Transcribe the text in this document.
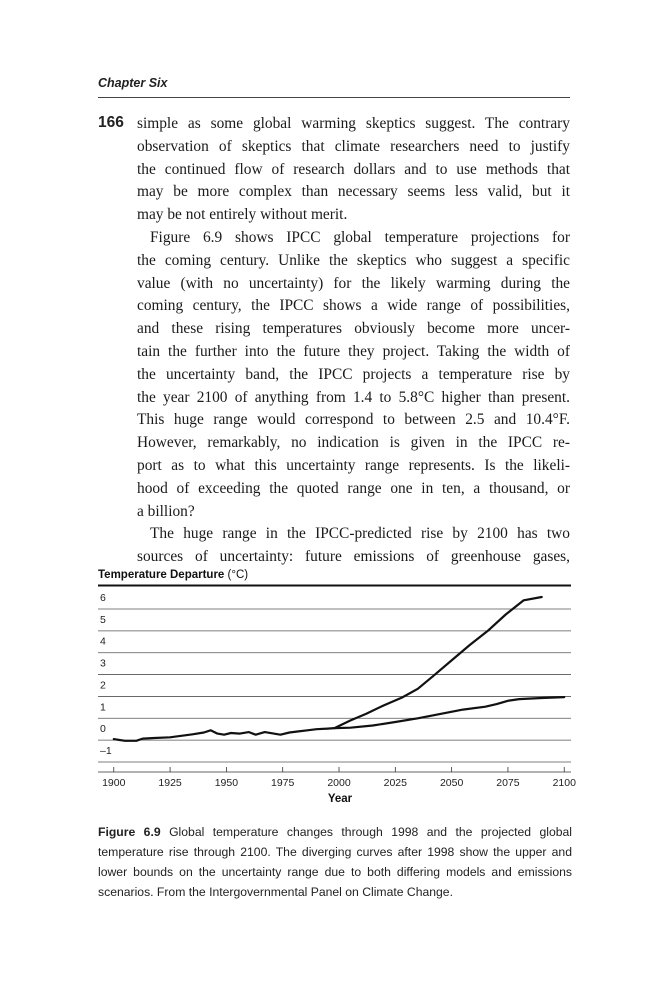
Chapter Six
166 simple as some global warming skeptics suggest. The contrary
observation of skeptics that climate researchers need to justify
the continued flow of research dollars and to use methods that
may be more complex than necessary seems less valid, but it
may be not entirely without merit.
Figure 6.9 shows IPCC global temperature projections for
the coming century. Unlike the skeptics who suggest a specific
value (with no uncertainty) for the likely warming during the
coming century, the IPCC shows a wide range of possibilities,
and these rising temperatures obviously become more uncer-
tain the further into the future they project. Taking the width of
the uncertainty band, the IPCC projects a temperature rise by
the year 2100 of anything from 1.4 to 5.8°C higher than present.
This huge range would correspond to between 2.5 and 10.4°F.
However, remarkably, no indication is given in the IPCC re-
port as to what this uncertainty range represents. Is the likeli-
hood of exceeding the quoted range one in ten, a thousand, or
a billion?
The huge range in the IPCC-predicted rise by 2100 has two
sources of uncertainty: future emissions of greenhouse gases,
Temperature Departure (°C)
6
5
4
3
2
1
0
–1
1900	1925	1950	1975	2000	2025	2050	2075	2100
Year
Figure 6.9 Global temperature changes through 1998 and the projected global
temperature rise through 2100. The diverging curves after 1998 show the upper and
lower bounds on the uncertainty range due to both differing models and emissions
scenarios. From the Intergovernmental Panel on Climate Change.
